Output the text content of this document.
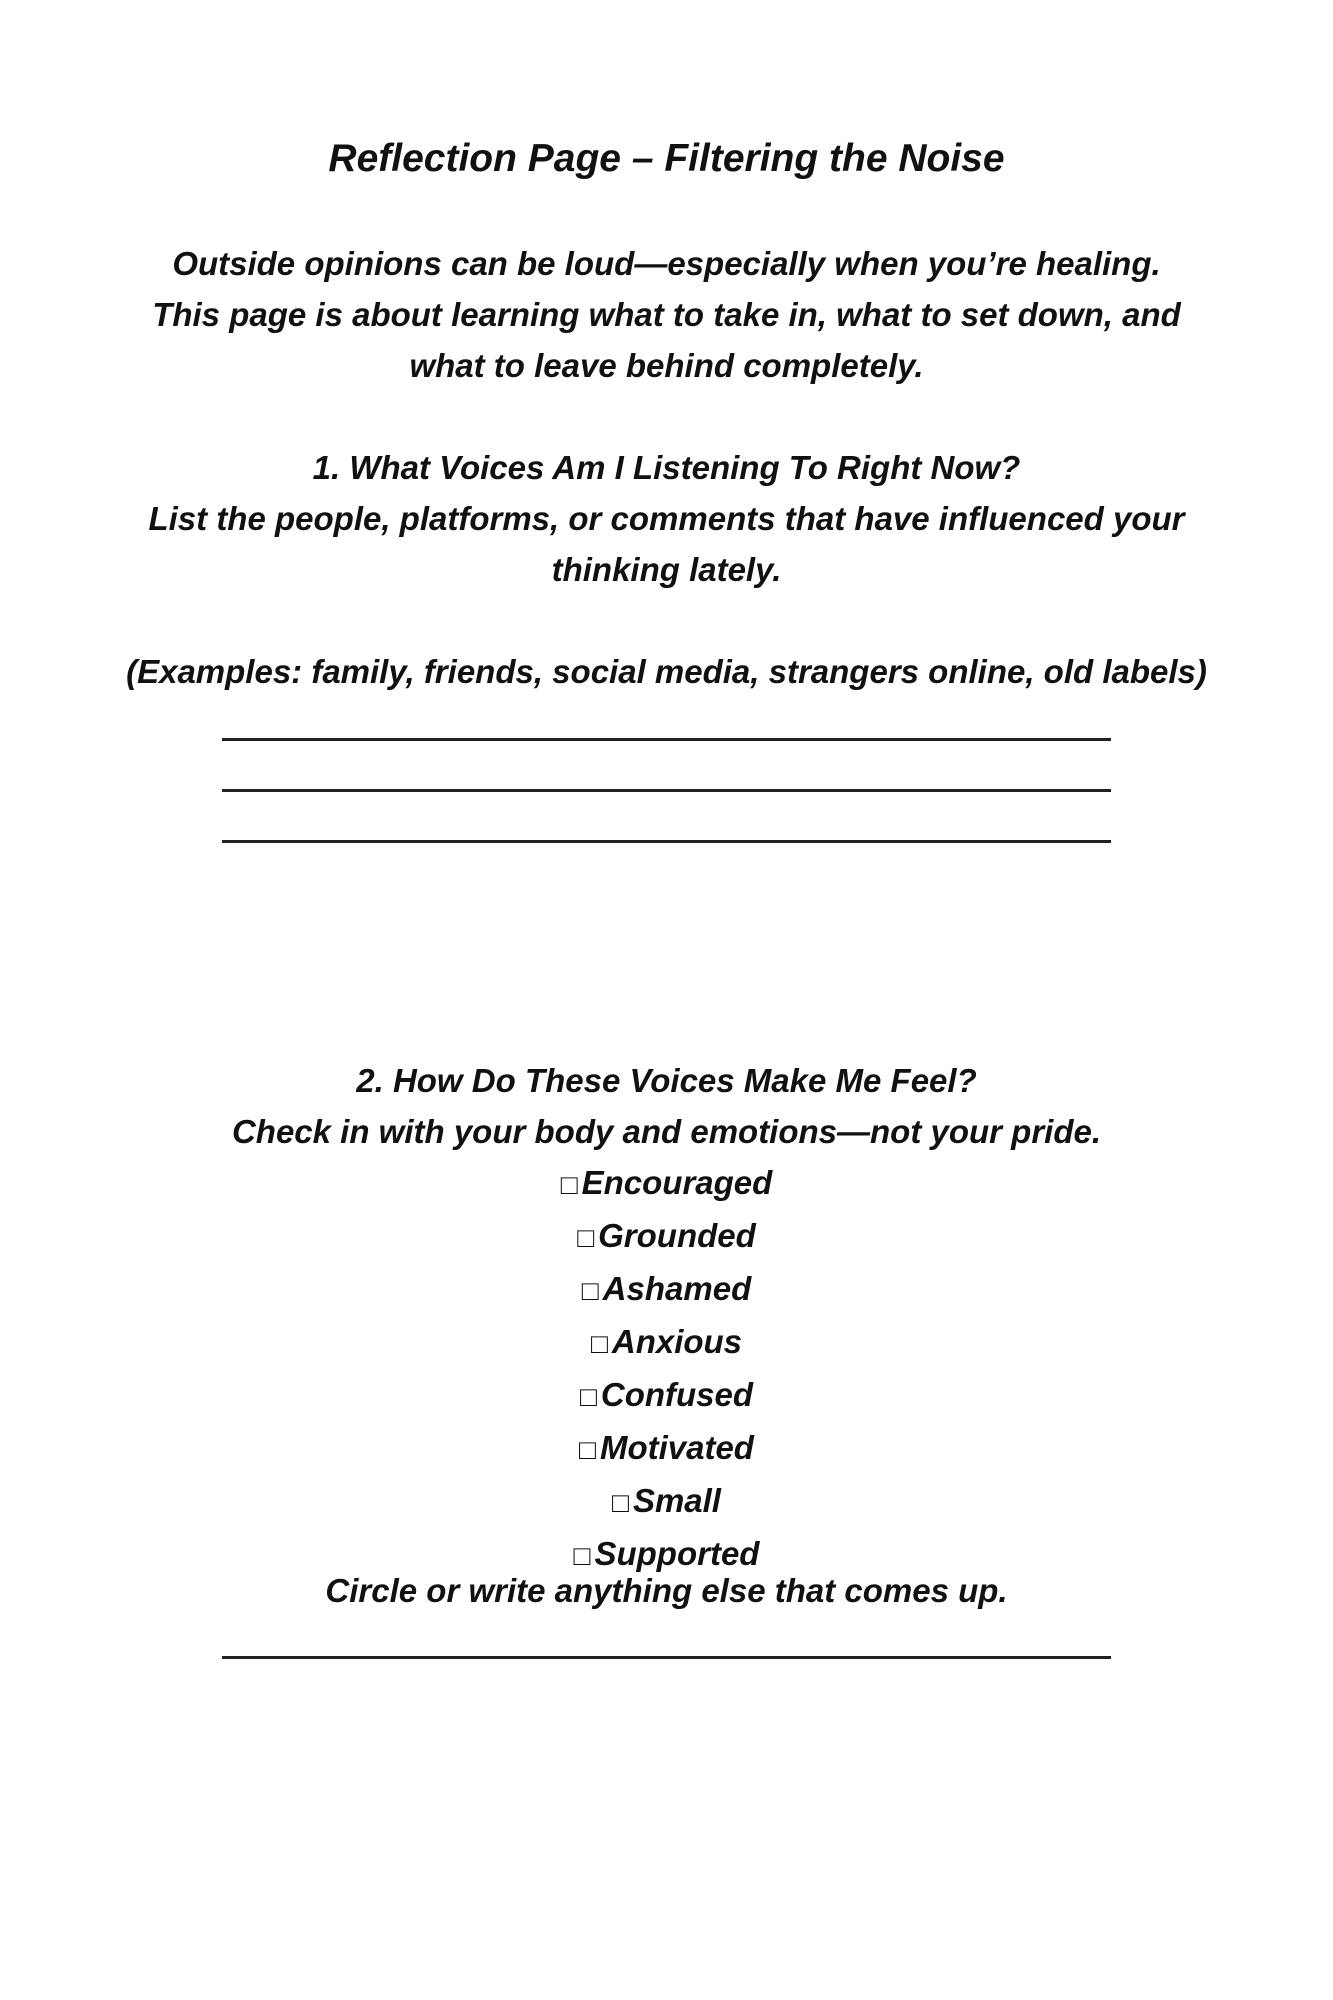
Reflection Page – Filtering the Noise
Outside opinions can be loud—especially when you’re healing.
This page is about learning what to take in, what to set down, and
what to leave behind completely.
1. What Voices Am I Listening To Right Now?
List the people, platforms, or comments that have influenced your
thinking lately.
(Examples: family, friends, social media, strangers online, old labels)
2. How Do These Voices Make Me Feel?
Check in with your body and emotions—not your pride.
□ Encouraged
□ Grounded
□ Ashamed
□ Anxious
□ Confused
□ Motivated
□ Small
□ Supported
Circle or write anything else that comes up.
